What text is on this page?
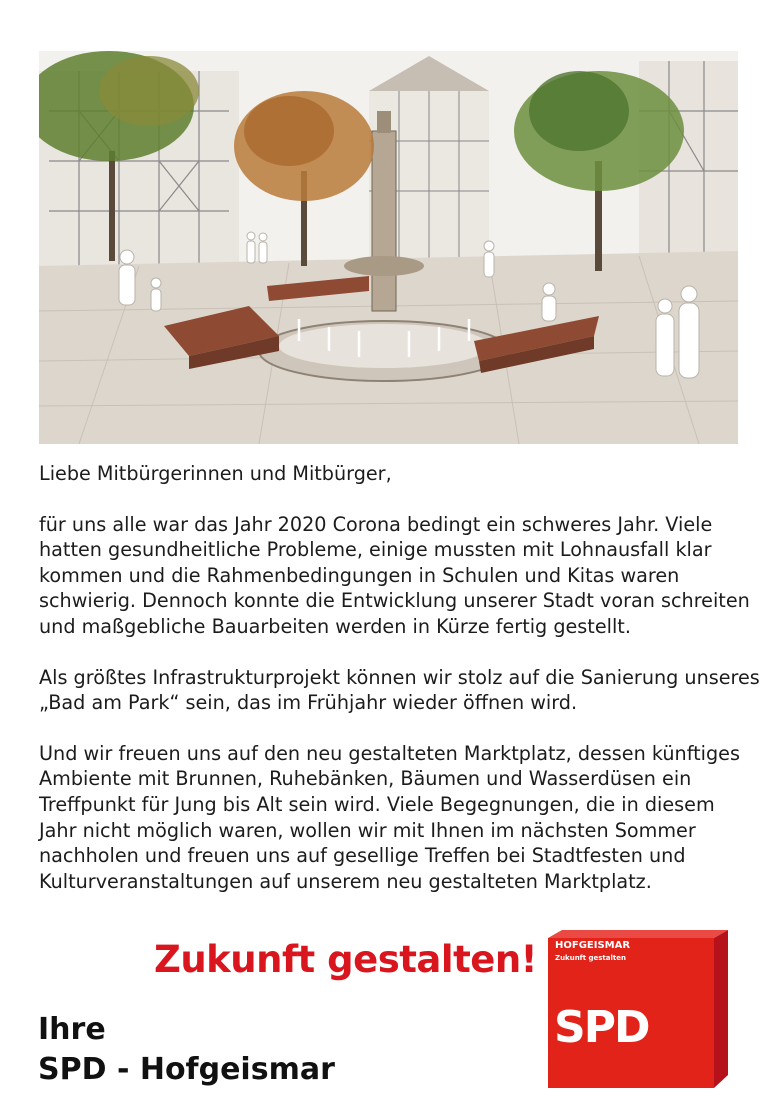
Liebe Mitbürgerinnen und Mitbürger,

für uns alle war das Jahr 2020 Corona bedingt ein schweres Jahr. Viele
hatten gesundheitliche Probleme, einige mussten mit Lohnausfall klar
kommen und die Rahmenbedingungen in Schulen und Kitas waren
schwierig. Dennoch konnte die Entwicklung unserer Stadt voran schreiten
und maßgebliche Bauarbeiten werden in Kürze fertig gestellt.

Als größtes Infrastrukturprojekt können wir stolz auf die Sanierung unseres
„Bad am Park“ sein, das im Frühjahr wieder öffnen wird.

Und wir freuen uns auf den neu gestalteten Marktplatz, dessen künftiges
Ambiente mit Brunnen, Ruhebänken, Bäumen und Wasserdüsen ein
Treffpunkt für Jung bis Alt sein wird. Viele Begegnungen, die in diesem
Jahr nicht möglich waren, wollen wir mit Ihnen im nächsten Sommer
nachholen und freuen uns auf gesellige Treffen bei Stadtfesten und
Kulturveranstaltungen auf unserem neu gestalteten Marktplatz.

Zukunft gestalten!
Ihre
SPD - Hofgeismar
HOFGEISMAR
Zukunft gestalten
SPD
